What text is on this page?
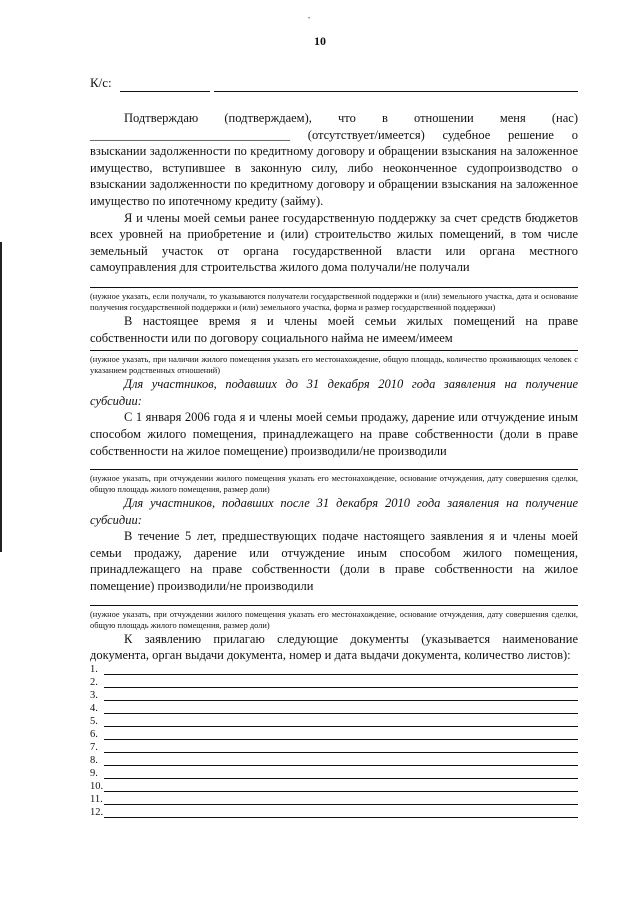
•
10
К/с:

Подтверждаю (подтверждаем), что в отношении меня (нас) ________________________________ (отсутствует/имеется) судебное решение о взыскании задолженности по кредитному договору и обращении взыскания на заложенное имущество, вступившее в законную силу, либо неоконченное судопроизводство о взыскании задолженности по кредитному договору и обращении взыскания на заложенное имущество по ипотечному кредиту (займу).

Я и члены моей семьи ранее государственную поддержку за счет средств бюджетов всех уровней на приобретение и (или) строительство жилых помещений, в том числе земельный участок от органа государственной власти или органа местного самоуправления для строительства жилого дома получали/не получали

(нужное указать, если получали, то указываются получатели государственной поддержки и (или) земельного участка, дата и основание получения государственной поддержки и (или) земельного участка, форма и размер государственной поддержки)

В настоящее время я и члены моей семьи жилых помещений на праве собственности или по договору социального найма не имеем/имеем

(нужное указать, при наличии жилого помещения указать его местонахождение, общую площадь, количество проживающих человек с указанием родственных отношений)

Для участников, подавших до 31 декабря 2010 года заявления на получение субсидии:

С 1 января 2006 года я и члены моей семьи продажу, дарение или отчуждение иным способом жилого помещения, принадлежащего на праве собственности (доли в праве собственности на жилое помещение) производили/не производили

(нужное указать, при отчуждении жилого помещения указать его местонахождение, основание отчуждения, дату совершения сделки, общую площадь жилого помещения, размер доли)

Для участников, подавших после 31 декабря 2010 года заявления на получение субсидии:

В течение 5 лет, предшествующих подаче настоящего заявления я и члены моей семьи продажу, дарение или отчуждение иным способом жилого помещения, принадлежащего на праве собственности (доли в праве собственности на жилое помещение) производили/не производили

(нужное указать, при отчуждении жилого помещения указать его местонахождение, основание отчуждения, дату совершения сделки, общую площадь жилого помещения, размер доли)

К заявлению прилагаю следующие документы (указывается наименование документа, орган выдачи документа, номер и дата выдачи документа, количество листов):

1.
2.
3.
4.
5.
6.
7.
8.
9.
10.
11.
12.
